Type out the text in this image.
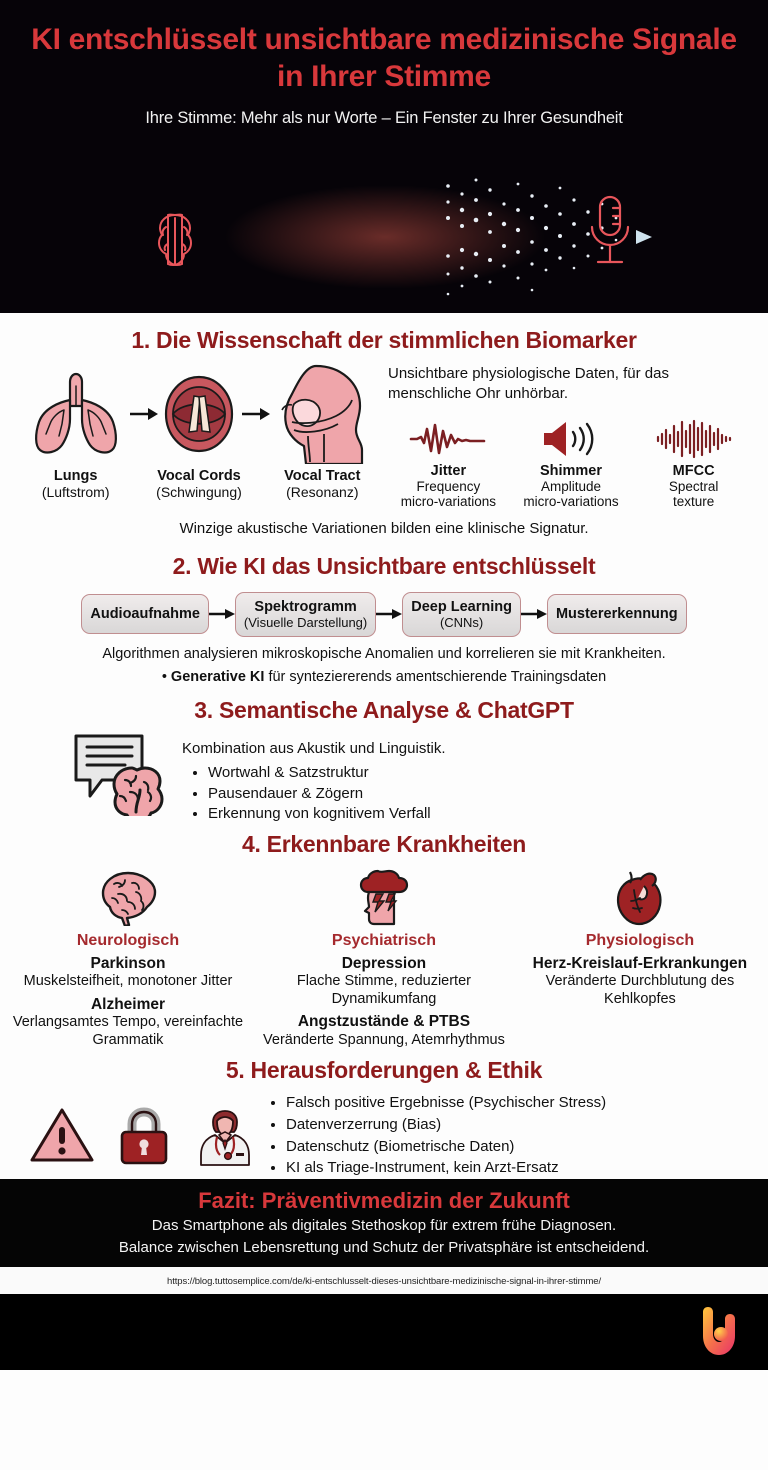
KI entschlüsselt unsichtbare medizinische Signale in Ihrer Stimme
Ihre Stimme: Mehr als nur Worte – Ein Fenster zu Ihrer Gesundheit
1. Die Wissenschaft der stimmlichen Biomarker
Lungs
(Luftstrom)
Vocal Cords
(Schwingung)
Vocal Tract
(Resonanz)
Unsichtbare physiologische Daten, für das menschliche Ohr unhörbar.
Jitter
Frequency
micro-variations
Shimmer
Amplitude
micro-variations
MFCC
Spectral
texture
Winzige akustische Variationen bilden eine klinische Signatur.
2. Wie KI das Unsichtbare entschlüsselt
Audioaufnahme	Spektrogramm
(Visuelle Darstellung)
Deep Learning
(CNNs)	Mustererkennung
Algorithmen analysieren mikroskopische Anomalien und korrelieren sie mit Krankheiten.
• Generative KI für synteziererends amentschierende Trainingsdaten
3. Semantische Analyse & ChatGPT
Kombination aus Akustik und Linguistik.
• Wortwahl & Satzstruktur
• Pausendauer & Zögern
• Erkennung von kognitivem Verfall
4. Erkennbare Krankheiten
Neurologisch
Parkinson
Muskelsteifheit, monotoner Jitter
Alzheimer
Verlangsamtes Tempo, vereinfachte Grammatik
Psychiatrisch
Depression
Flache Stimme, reduzierter Dynamikumfang
Angstzustände & PTBS
Veränderte Spannung, Atemrhythmus
Physiologisch
Herz-Kreislauf-Erkrankungen
Veränderte Durchblutung des Kehlkopfes
5. Herausforderungen & Ethik
• Falsch positive Ergebnisse (Psychischer Stress)
• Datenverzerrung (Bias)
• Datenschutz (Biometrische Daten)
• KI als Triage-Instrument, kein Arzt-Ersatz
Fazit: Präventivmedizin der Zukunft
Das Smartphone als digitales Stethoskop für extrem frühe Diagnosen.
Balance zwischen Lebensrettung und Schutz der Privatsphäre ist entscheidend.
https://blog.tuttosemplice.com/de/ki-entschlusselt-dieses-unsichtbare-medizinische-signal-in-ihrer-stimme/
